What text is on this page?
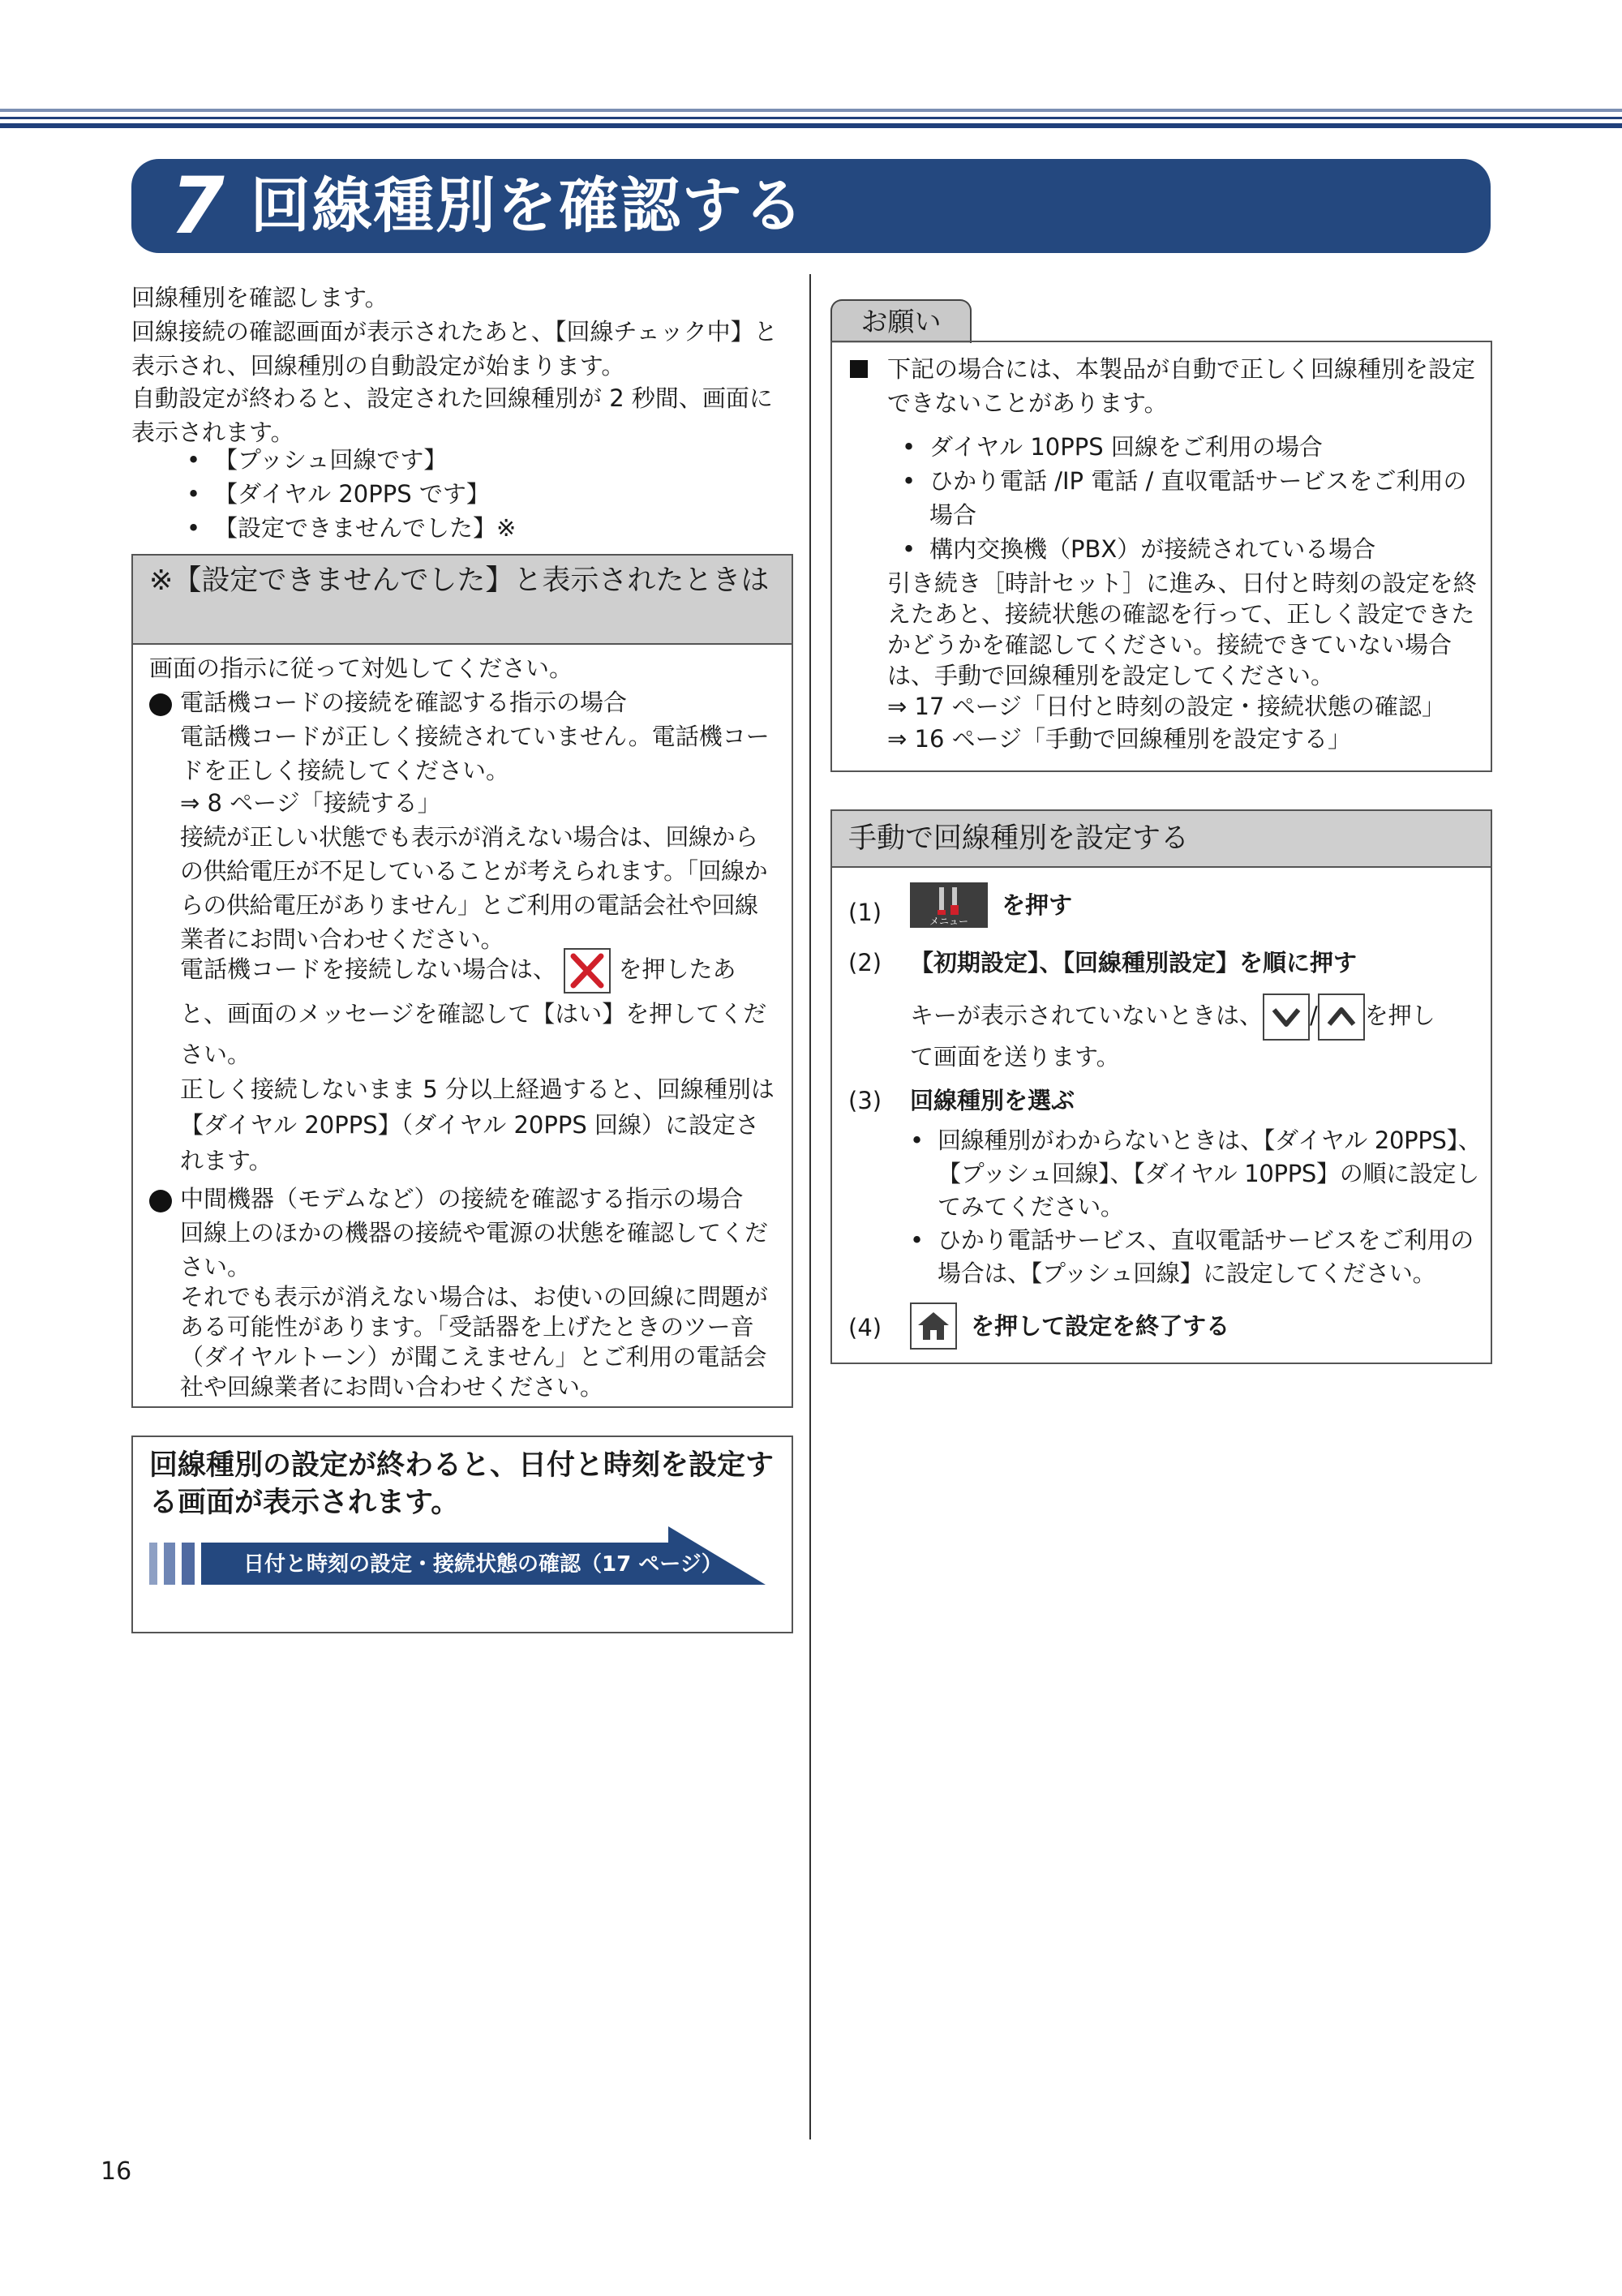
7 回線種別を確認する
回線種別を確認します。
回線接続の確認画面が表示されたあと、【回線チェック中】と表示され、回線種別の自動設定が始まります。
自動設定が終わると、設定された回線種別が 2 秒間、画面に表示されます。
• 【プッシュ回線です】
• 【ダイヤル 20PPS です】
• 【設定できませんでした】※
※【設定できませんでした】と表示されたときは
画面の指示に従って対処してください。
電話機コードの接続を確認する指示の場合
電話機コードが正しく接続されていません。電話機コードを正しく接続してください。
⇒ 8 ページ「接続する」
接続が正しい状態でも表示が消えない場合は、回線からの供給電圧が不足していることが考えられます。「回線からの供給電圧がありません」とご利用の電話会社や回線業者にお問い合わせください。
電話機コードを接続しない場合は、	を押したあと、画面のメッセージを確認して【はい】を押してください。
正しく接続しないまま 5 分以上経過すると、回線種別は【ダイヤル 20PPS】（ダイヤル 20PPS 回線）に設定されます。
中間機器（モデムなど）の接続を確認する指示の場合
回線上のほかの機器の接続や電源の状態を確認してください。
それでも表示が消えない場合は、お使いの回線に問題がある可能性があります。「受話器を上げたときのツー音（ダイヤルトーン）が聞こえません」とご利用の電話会社や回線業者にお問い合わせください。
回線種別の設定が終わると、日付と時刻を設定する画面が表示されます。
日付と時刻の設定・接続状態の確認（17 ページ）
お願い
下記の場合には、本製品が自動で正しく回線種別を設定できないことがあります。
• ダイヤル 10PPS 回線をご利用の場合
• ひかり電話 /IP 電話 / 直収電話サービスをご利用の場合
• 構内交換機（PBX）が接続されている場合
引き続き［時計セット］に進み、日付と時刻の設定を終えたあと、接続状態の確認を行って、正しく設定できたかどうかを確認してください。接続できていない場合は、手動で回線種別を設定してください。
⇒ 17 ページ「日付と時刻の設定・接続状態の確認」
⇒ 16 ページ「手動で回線種別を設定する」
手動で回線種別を設定する
(1)	メニュー
を押す
(2) 【初期設定】、【回線種別設定】を順に押す
キーが表示されていないときは、 / を押し
て画面を送ります。
(3) 回線種別を選ぶ
• 回線種別がわからないときは、【ダイヤル 20PPS】、【プッシュ回線】、【ダイヤル 10PPS】の順に設定してみてください。
• ひかり電話サービス、直収電話サービスをご利用の場合は、【プッシュ回線】に設定してください。
(4)	を押して設定を終了する
16
